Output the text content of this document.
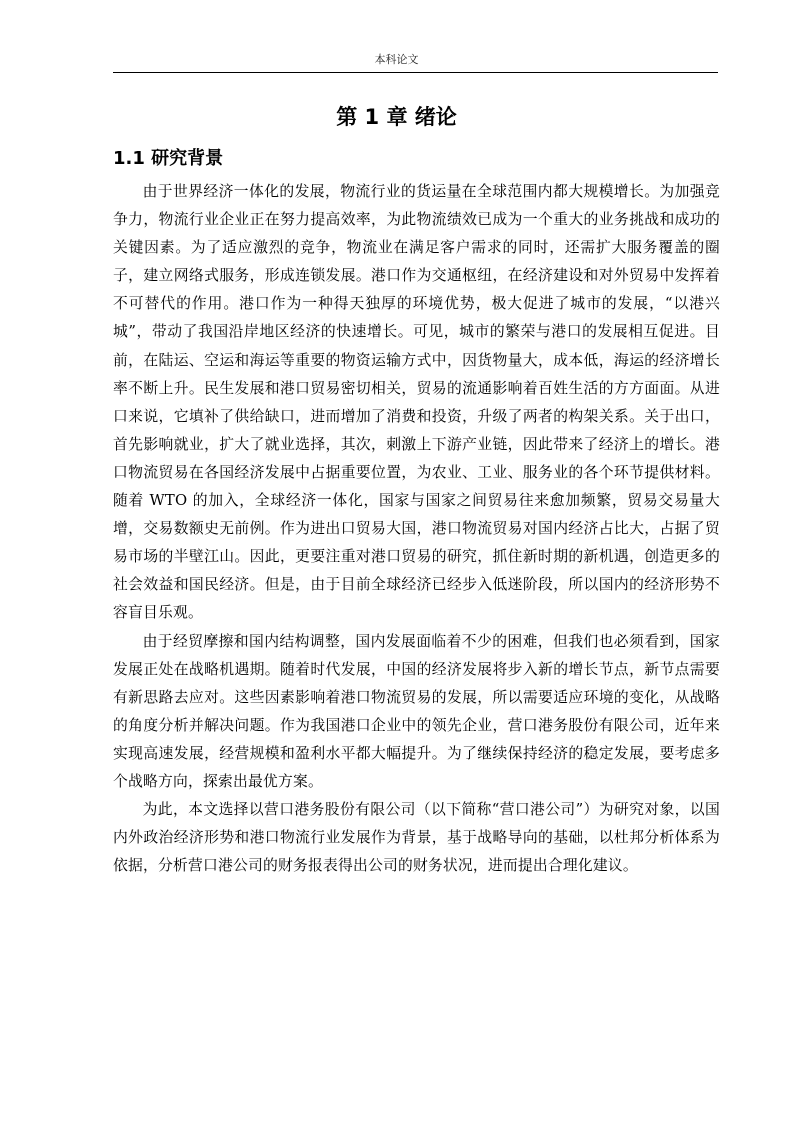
本科论文
第 1 章 绪论
1.1 研究背景

由于世界经济一体化的发展，物流行业的货运量在全球范围内都大规模增长。为加强竞争力，物流行业企业正在努力提高效率，为此物流绩效已成为一个重大的业务挑战和成功的关键因素。为了适应激烈的竞争，物流业在满足客户需求的同时，还需扩大服务覆盖的圈子，建立网络式服务，形成连锁发展。港口作为交通枢纽，在经济建设和对外贸易中发挥着不可替代的作用。港口作为一种得天独厚的环境优势，极大促进了城市的发展，“以港兴城”，带动了我国沿岸地区经济的快速增长。可见，城市的繁荣与港口的发展相互促进。目前，在陆运、空运和海运等重要的物资运输方式中，因货物量大，成本低，海运的经济增长率不断上升。民生发展和港口贸易密切相关，贸易的流通影响着百姓生活的方方面面。从进口来说，它填补了供给缺口，进而增加了消费和投资，升级了两者的构架关系。关于出口，首先影响就业，扩大了就业选择，其次，刺激上下游产业链，因此带来了经济上的增长。港口物流贸易在各国经济发展中占据重要位置，为农业、工业、服务业的各个环节提供材料。随着 WTO 的加入，全球经济一体化，国家与国家之间贸易往来愈加频繁，贸易交易量大增，交易数额史无前例。作为进出口贸易大国，港口物流贸易对国内经济占比大，占据了贸易市场的半壁江山。因此，更要注重对港口贸易的研究，抓住新时期的新机遇，创造更多的社会效益和国民经济。但是，由于目前全球经济已经步入低迷阶段，所以国内的经济形势不容盲目乐观。

由于经贸摩擦和国内结构调整，国内发展面临着不少的困难，但我们也必须看到，国家发展正处在战略机遇期。随着时代发展，中国的经济发展将步入新的增长节点，新节点需要有新思路去应对。这些因素影响着港口物流贸易的发展，所以需要适应环境的变化，从战略的角度分析并解决问题。作为我国港口企业中的领先企业，营口港务股份有限公司，近年来实现高速发展，经营规模和盈利水平都大幅提升。为了继续保持经济的稳定发展，要考虑多个战略方向，探索出最优方案。

为此，本文选择以营口港务股份有限公司（以下简称“营口港公司”）为研究对象，以国内外政治经济形势和港口物流行业发展作为背景，基于战略导向的基础，以杜邦分析体系为依据，分析营口港公司的财务报表得出公司的财务状况，进而提出合理化建议。
